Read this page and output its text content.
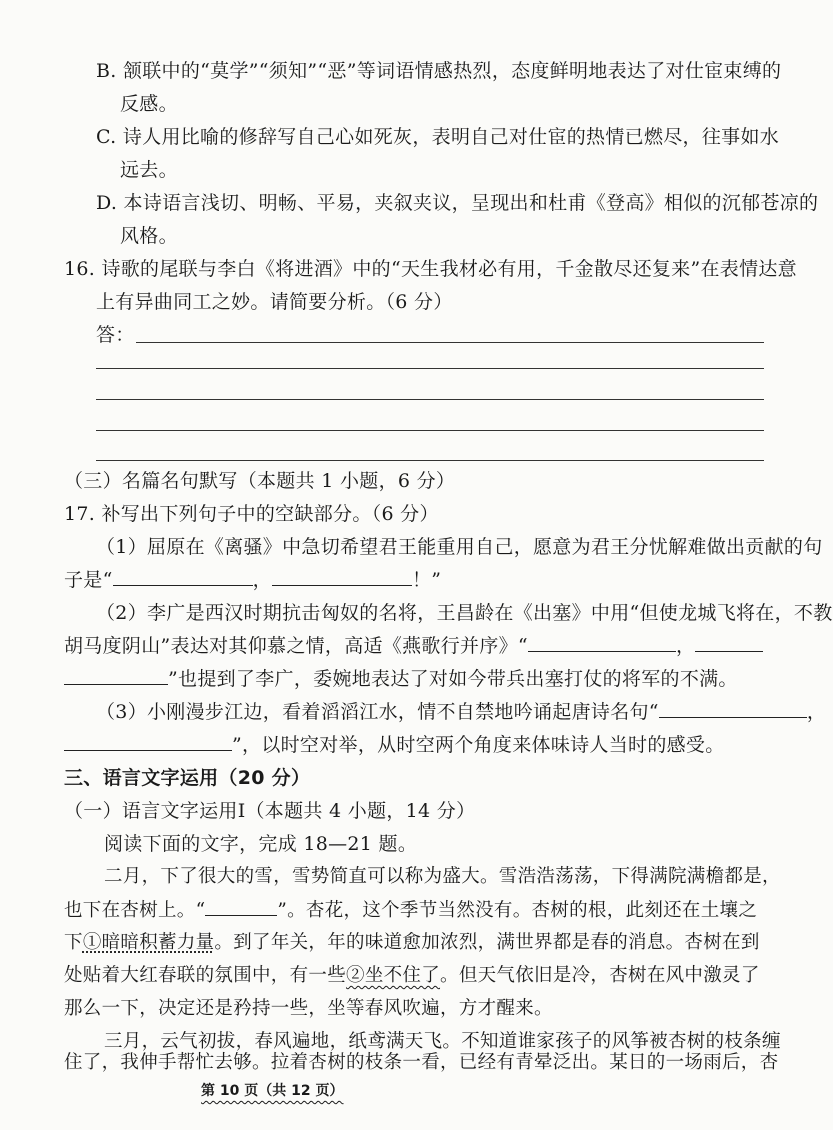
B. 颔联中的“莫学”“须知”“恶”等词语情感热烈，态度鲜明地表达了对仕宦束缚的
反感。
C. 诗人用比喻的修辞写自己心如死灰，表明自己对仕宦的热情已燃尽，往事如水
远去。
D. 本诗语言浅切、明畅、平易，夹叙夹议，呈现出和杜甫《登高》相似的沉郁苍凉的
风格。
16. 诗歌的尾联与李白《将进酒》中的“天生我材必有用，千金散尽还复来”在表情达意
上有异曲同工之妙。请简要分析。（6 分）
答：
（三）名篇名句默写（本题共 1 小题，6 分）
17. 补写出下列句子中的空缺部分。（6 分）
（1）屈原在《离骚》中急切希望君王能重用自己，愿意为君王分忧解难做出贡献的句
子是“	，	！”
（2）李广是西汉时期抗击匈奴的名将，王昌龄在《出塞》中用“但使龙城飞将在，不教
胡马度阴山”表达对其仰慕之情，高适《燕歌行并序》“	，
”也提到了李广，委婉地表达了对如今带兵出塞打仗的将军的不满。
（3）小刚漫步江边，看着滔滔江水，情不自禁地吟诵起唐诗名句“	，
”，以时空对举，从时空两个角度来体味诗人当时的感受。
三、语言文字运用（20 分）
（一）语言文字运用Ⅰ（本题共 4 小题，14 分）
阅读下面的文字，完成 18—21 题。
二月，下了很大的雪，雪势简直可以称为盛大。雪浩浩荡荡，下得满院满檐都是，
也下在杏树上。“	”。杏花，这个季节当然没有。杏树的根，此刻还在土壤之
下①暗暗积蓄力量。到了年关，年的味道愈加浓烈，满世界都是春的消息。杏树在到
处贴着大红春联的氛围中，有一些②坐不住了。但天气依旧是冷，杏树在风中激灵了
那么一下，决定还是矜持一些，坐等春风吹遍，方才醒来。
三月，云气初拔，春风遍地，纸鸢满天飞。不知道谁家孩子的风筝被杏树的枝条缠
住了，我伸手帮忙去够。拉着杏树的枝条一看，已经有青晕泛出。某日的一场雨后，杏
第 10 页（共 12 页）
